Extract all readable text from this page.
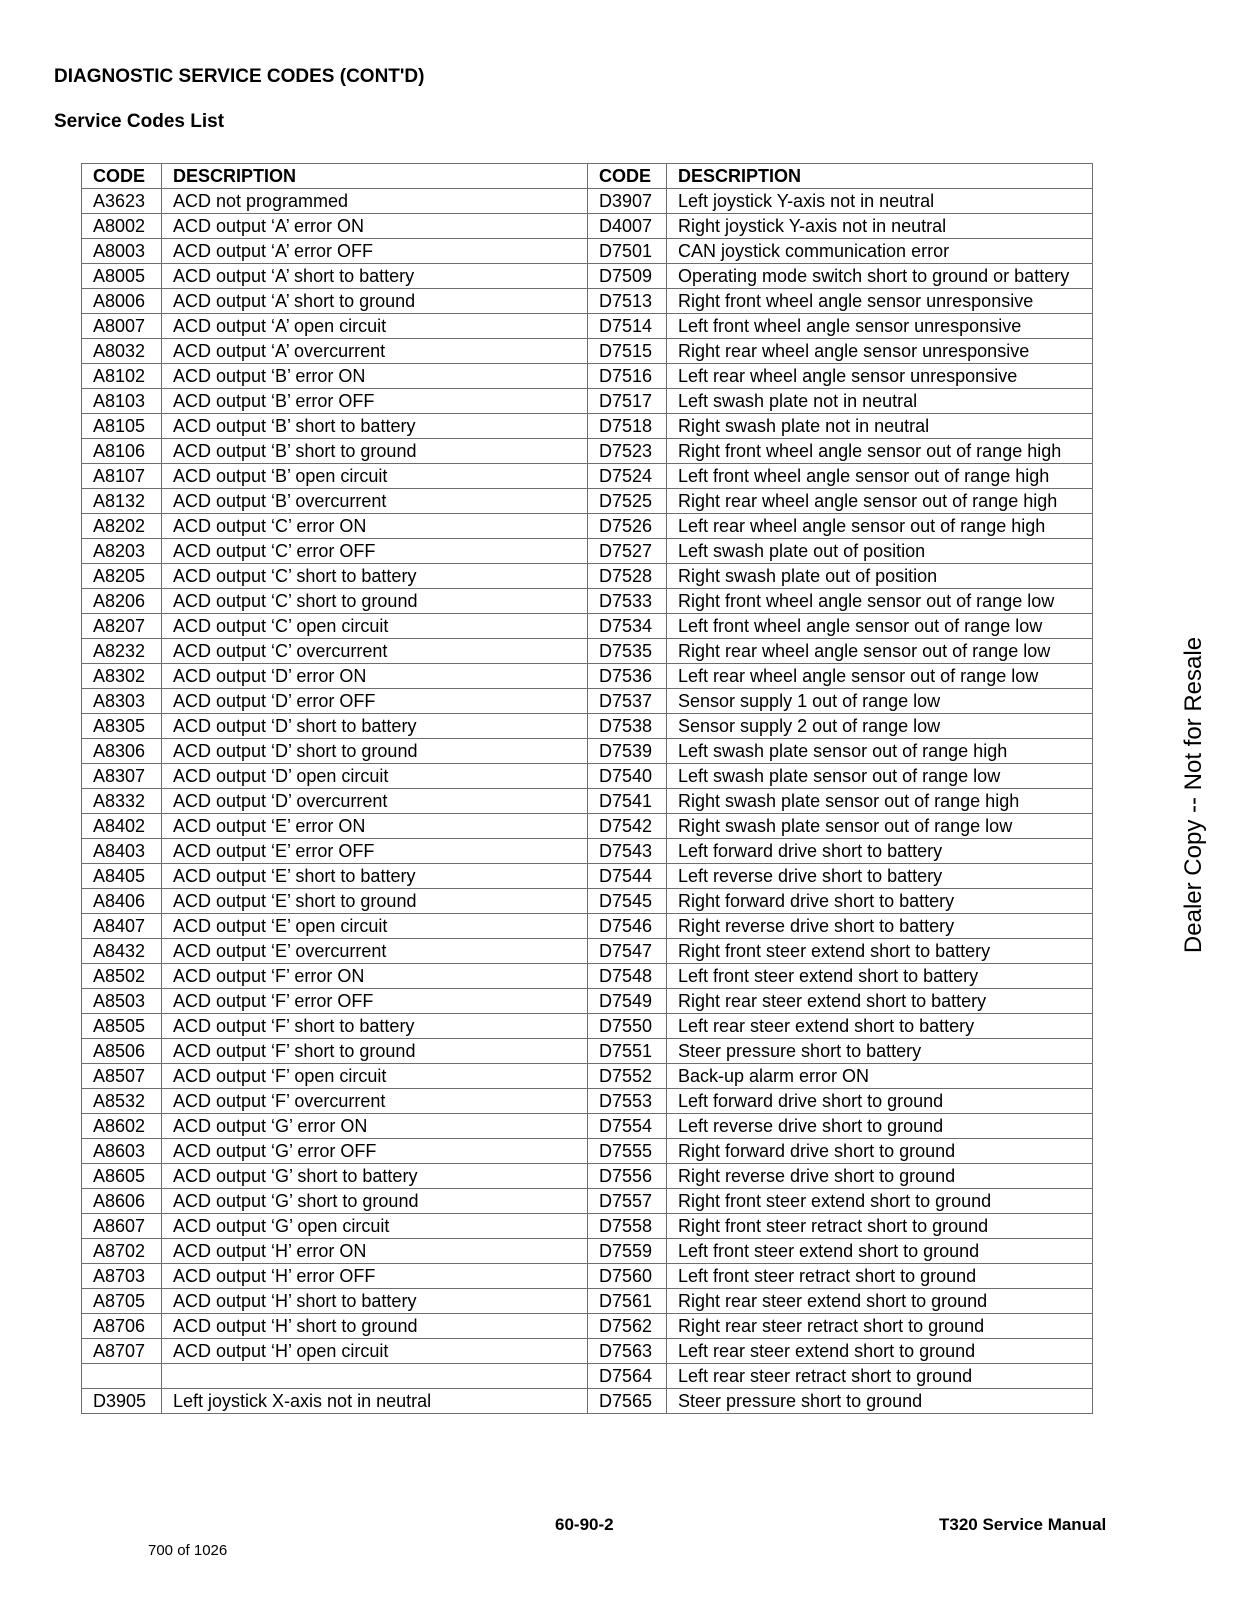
DIAGNOSTIC SERVICE CODES (CONT'D)
Service Codes List
CODE	DESCRIPTION	CODE	DESCRIPTION
A3623	ACD not programmed	D3907	Left joystick Y-axis not in neutral
A8002	ACD output ‘A’ error ON	D4007	Right joystick Y-axis not in neutral
A8003	ACD output ‘A’ error OFF	D7501	CAN joystick communication error
A8005	ACD output ‘A’ short to battery	D7509	Operating mode switch short to ground or battery
A8006	ACD output ‘A’ short to ground	D7513	Right front wheel angle sensor unresponsive
A8007	ACD output ‘A’ open circuit	D7514	Left front wheel angle sensor unresponsive
A8032	ACD output ‘A’ overcurrent	D7515	Right rear wheel angle sensor unresponsive
A8102	ACD output ‘B’ error ON	D7516	Left rear wheel angle sensor unresponsive
A8103	ACD output ‘B’ error OFF	D7517	Left swash plate not in neutral
A8105	ACD output ‘B’ short to battery	D7518	Right swash plate not in neutral
A8106	ACD output ‘B’ short to ground	D7523	Right front wheel angle sensor out of range high
A8107	ACD output ‘B’ open circuit	D7524	Left front wheel angle sensor out of range high
A8132	ACD output ‘B’ overcurrent	D7525	Right rear wheel angle sensor out of range high
A8202	ACD output ‘C’ error ON	D7526	Left rear wheel angle sensor out of range high
A8203	ACD output ‘C’ error OFF	D7527	Left swash plate out of position
A8205	ACD output ‘C’ short to battery	D7528	Right swash plate out of position
A8206	ACD output ‘C’ short to ground	D7533	Right front wheel angle sensor out of range low
A8207	ACD output ‘C’ open circuit	D7534	Left front wheel angle sensor out of range low
A8232	ACD output ‘C’ overcurrent	D7535	Right rear wheel angle sensor out of range low
A8302	ACD output ‘D’ error ON	D7536	Left rear wheel angle sensor out of range low
A8303	ACD output ‘D’ error OFF	D7537	Sensor supply 1 out of range low
A8305	ACD output ‘D’ short to battery	D7538	Sensor supply 2 out of range low
A8306	ACD output ‘D’ short to ground	D7539	Left swash plate sensor out of range high
A8307	ACD output ‘D’ open circuit	D7540	Left swash plate sensor out of range low
A8332	ACD output ‘D’ overcurrent	D7541	Right swash plate sensor out of range high
A8402	ACD output ‘E’ error ON	D7542	Right swash plate sensor out of range low
A8403	ACD output ‘E’ error OFF	D7543	Left forward drive short to battery
A8405	ACD output ‘E’ short to battery	D7544	Left reverse drive short to battery
A8406	ACD output ‘E’ short to ground	D7545	Right forward drive short to battery
A8407	ACD output ‘E’ open circuit	D7546	Right reverse drive short to battery
A8432	ACD output ‘E’ overcurrent	D7547	Right front steer extend short to battery
A8502	ACD output ‘F’ error ON	D7548	Left front steer extend short to battery
A8503	ACD output ‘F’ error OFF	D7549	Right rear steer extend short to battery
A8505	ACD output ‘F’ short to battery	D7550	Left rear steer extend short to battery
A8506	ACD output ‘F’ short to ground	D7551	Steer pressure short to battery
A8507	ACD output ‘F’ open circuit	D7552	Back-up alarm error ON
A8532	ACD output ‘F’ overcurrent	D7553	Left forward drive short to ground
A8602	ACD output ‘G’ error ON	D7554	Left reverse drive short to ground
A8603	ACD output ‘G’ error OFF	D7555	Right forward drive short to ground
A8605	ACD output ‘G’ short to battery	D7556	Right reverse drive short to ground
A8606	ACD output ‘G’ short to ground	D7557	Right front steer extend short to ground
A8607	ACD output ‘G’ open circuit	D7558	Right front steer retract short to ground
A8702	ACD output ‘H’ error ON	D7559	Left front steer extend short to ground
A8703	ACD output ‘H’ error OFF	D7560	Left front steer retract short to ground
A8705	ACD output ‘H’ short to battery	D7561	Right rear steer extend short to ground
A8706	ACD output ‘H’ short to ground	D7562	Right rear steer retract short to ground
A8707	ACD output ‘H’ open circuit	D7563	Left rear steer extend short to ground
		D7564	Left rear steer retract short to ground
D3905	Left joystick X-axis not in neutral	D7565	Steer pressure short to ground
Dealer Copy -- Not for Resale
60-90-2	T320 Service Manual
700 of 1026
